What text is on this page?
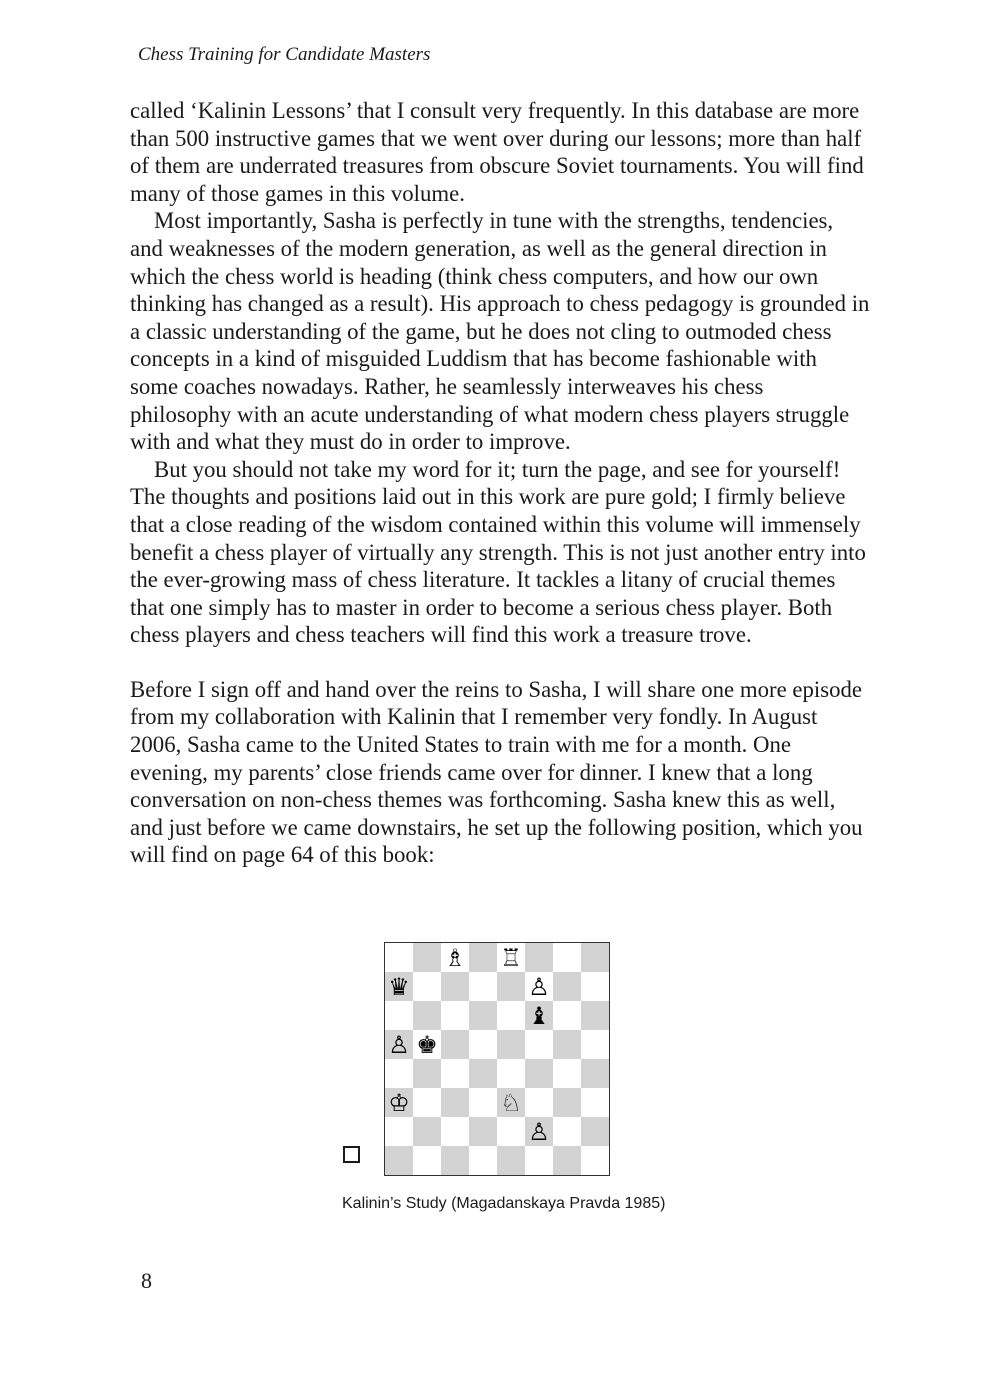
Chess Training for Candidate Masters

called ‘Kalinin Lessons’ that I consult very frequently. In this database are more than 500 instructive games that we went over during our lessons; more than half of them are underrated treasures from obscure Soviet tournaments. You will find many of those games in this volume.

Most importantly, Sasha is perfectly in tune with the strengths, tendencies, and weaknesses of the modern generation, as well as the general direction in which the chess world is heading (think chess computers, and how our own thinking has changed as a result). His approach to chess pedagogy is grounded in a classic understanding of the game, but he does not cling to outmoded chess concepts in a kind of misguided Luddism that has become fashionable with some coaches nowadays. Rather, he seamlessly interweaves his chess philosophy with an acute understanding of what modern chess players struggle with and what they must do in order to improve.

But you should not take my word for it; turn the page, and see for yourself! The thoughts and positions laid out in this work are pure gold; I firmly believe that a close reading of the wisdom contained within this volume will immensely benefit a chess player of virtually any strength. This is not just another entry into the ever-growing mass of chess literature. It tackles a litany of crucial themes that one simply has to master in order to become a serious chess player. Both chess players and chess teachers will find this work a treasure trove.

Before I sign off and hand over the reins to Sasha, I will share one more episode from my collaboration with Kalinin that I remember very fondly. In August 2006, Sasha came to the United States to train with me for a month. One evening, my parents’ close friends came over for dinner. I knew that a long conversation on non-chess themes was forthcoming. Sasha knew this as well, and just before we came downstairs, he set up the following position, which you will find on page 64 of this book:

♗ ♖
♛	♙
♝
♙ ♚
♔	♘
♙
Kalinin’s Study (Magadanskaya Pravda 1985)
8
